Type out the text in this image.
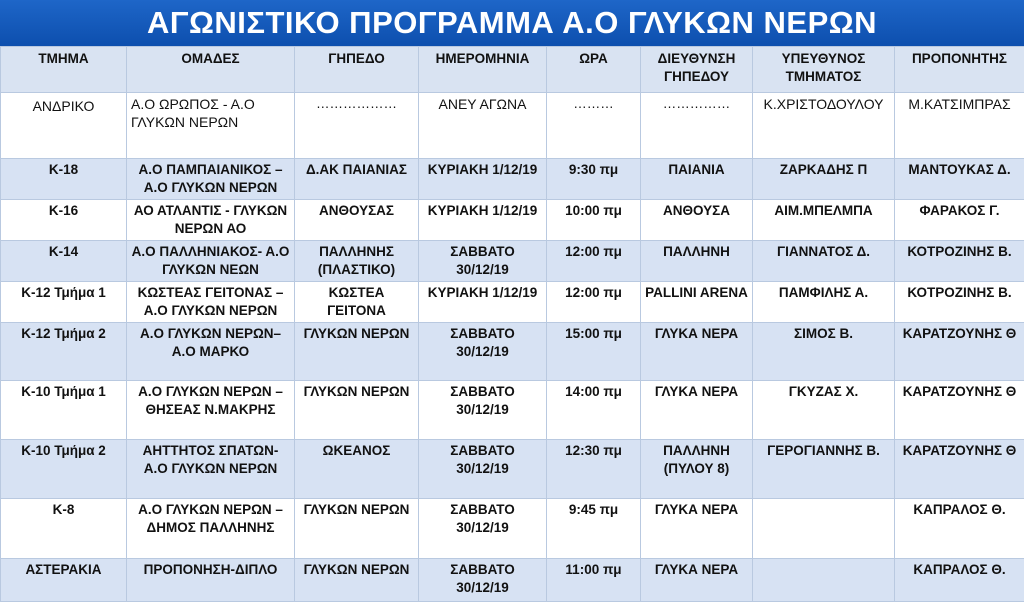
ΑΓΩΝΙΣΤΙΚΟ ΠΡΟΓΡΑΜΜΑ Α.Ο ΓΛΥΚΩΝ ΝΕΡΩΝ
ΤΜΗΜΑ	ΟΜΑΔΕΣ	ΓΗΠΕΔΟ	ΗΜΕΡΟΜΗΝΙΑ	ΩΡΑ	ΔΙΕΥΘΥΝΣΗ ΓΗΠΕΔΟΥ	ΥΠΕΥΘΥΝΟΣ ΤΜΗΜΑΤΟΣ	ΠΡΟΠΟΝΗΤΗΣ
ΑΝΔΡΙΚΟ	Α.Ο ΩΡΩΠΟΣ - Α.Ο ΓΛΥΚΩΝ ΝΕΡΩΝ	………………	ΑΝΕΥ ΑΓΩΝΑ	………	……………	Κ.ΧΡΙΣΤΟΔΟΥΛΟΥ	Μ.ΚΑΤΣΙΜΠΡΑΣ
Κ-18	Α.Ο ΠΑΜΠΑΙΑΝΙΚΟΣ – Α.Ο ΓΛΥΚΩΝ ΝΕΡΩΝ	Δ.ΑΚ ΠΑΙΑΝΙΑΣ	ΚΥΡΙΑΚΗ 1/12/19	9:30 πμ	ΠΑΙΑΝΙΑ	ΖΑΡΚΑΔΗΣ Π	ΜΑΝΤΟΥΚΑΣ Δ.
Κ-16	ΑΟ ΑΤΛΑΝΤΙΣ - ΓΛΥΚΩΝ ΝΕΡΩΝ ΑΟ	ΑΝΘΟΥΣΑΣ	ΚΥΡΙΑΚΗ 1/12/19	10:00 πμ	ΑΝΘΟΥΣΑ	ΑΙΜ.ΜΠΕΛΜΠΑ	ΦΑΡΑΚΟΣ Γ.
Κ-14	Α.Ο ΠΑΛΛΗΝΙΑΚΟΣ- Α.Ο ΓΛΥΚΩΝ ΝΕΩΝ	ΠΑΛΛΗΝΗΣ (ΠΛΑΣΤΙΚΟ)	ΣΑΒΒΑΤΟ 30/12/19	12:00 πμ	ΠΑΛΛΗΝΗ	ΓΙΑΝΝΑΤΟΣ Δ.	ΚΟΤΡΟΖΙΝΗΣ Β.
Κ-12 Τμήμα 1	ΚΩΣΤΕΑΣ ΓΕΙΤΟΝΑΣ – Α.Ο ΓΛΥΚΩΝ ΝΕΡΩΝ	ΚΩΣΤΕΑ ΓΕΙΤΟΝΑ	ΚΥΡΙΑΚΗ 1/12/19	12:00 πμ	PALLINI ARENA	ΠΑΜΦΙΛΗΣ Α.	ΚΟΤΡΟΖΙΝΗΣ Β.
Κ-12 Τμήμα 2	Α.Ο ΓΛΥΚΩΝ ΝΕΡΩΝ– Α.Ο ΜΑΡΚΟ	ΓΛΥΚΩΝ ΝΕΡΩΝ	ΣΑΒΒΑΤΟ 30/12/19	15:00 πμ	ΓΛΥΚΑ ΝΕΡΑ	ΣΙΜΟΣ Β.	ΚΑΡΑΤΖΟΥΝΗΣ Θ
Κ-10 Τμήμα 1	Α.Ο ΓΛΥΚΩΝ ΝΕΡΩΝ – ΘΗΣΕΑΣ Ν.ΜΑΚΡΗΣ	ΓΛΥΚΩΝ ΝΕΡΩΝ	ΣΑΒΒΑΤΟ 30/12/19	14:00 πμ	ΓΛΥΚΑ ΝΕΡΑ	ΓΚΥΖΑΣ Χ.	ΚΑΡΑΤΖΟΥΝΗΣ Θ
Κ-10 Τμήμα 2	ΑΗΤΤΗΤΟΣ ΣΠΑΤΩΝ- Α.Ο ΓΛΥΚΩΝ ΝΕΡΩΝ	ΩΚΕΑΝΟΣ	ΣΑΒΒΑΤΟ 30/12/19	12:30 πμ	ΠΑΛΛΗΝΗ (ΠΥΛΟΥ 8)	ΓΕΡΟΓΙΑΝΝΗΣ Β.	ΚΑΡΑΤΖΟΥΝΗΣ Θ
Κ-8	Α.Ο ΓΛΥΚΩΝ ΝΕΡΩΝ – ΔΗΜΟΣ ΠΑΛΛΗΝΗΣ	ΓΛΥΚΩΝ ΝΕΡΩΝ	ΣΑΒΒΑΤΟ 30/12/19	9:45 πμ	ΓΛΥΚΑ ΝΕΡΑ		ΚΑΠΡΑΛΟΣ Θ.
ΑΣΤΕΡΑΚΙΑ	ΠΡΟΠΟΝΗΣΗ-ΔΙΠΛΟ	ΓΛΥΚΩΝ ΝΕΡΩΝ	ΣΑΒΒΑΤΟ 30/12/19	11:00 πμ	ΓΛΥΚΑ ΝΕΡΑ		ΚΑΠΡΑΛΟΣ Θ.
